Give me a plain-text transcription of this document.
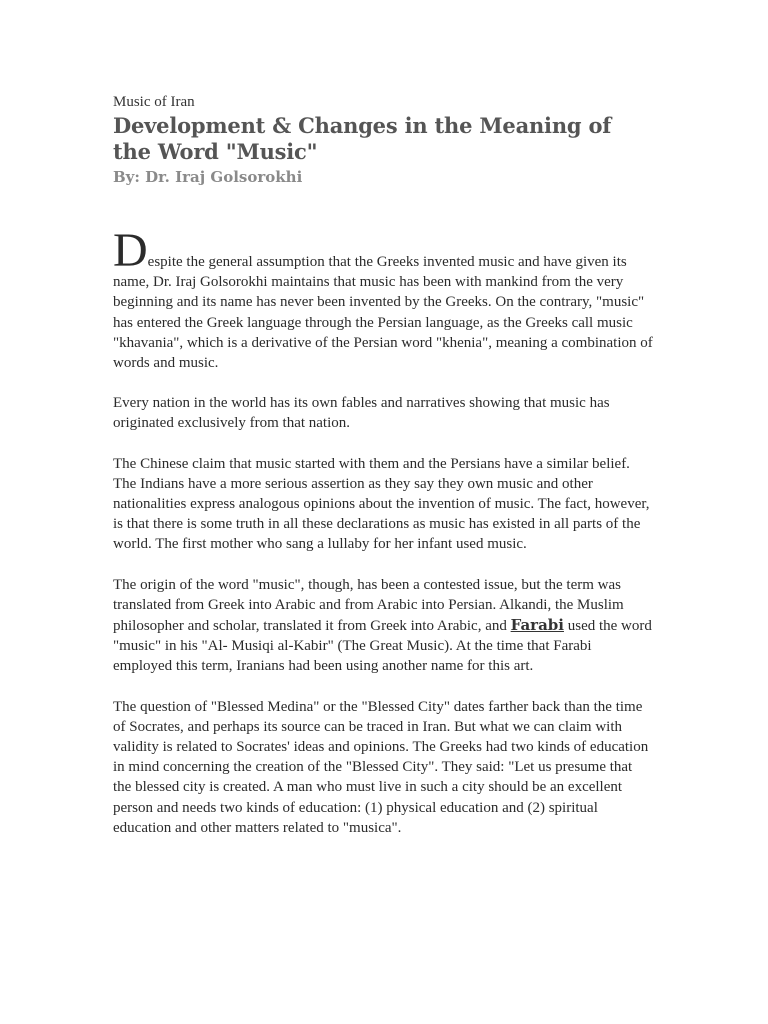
Music of Iran

Development & Changes in the Meaning of the Word "Music"

By: Dr. Iraj Golsorokhi

Despite the general assumption that the Greeks invented music and have given its name, Dr. Iraj Golsorokhi maintains that music has been with mankind from the very beginning and its name has never been invented by the Greeks. On the contrary, "music" has entered the Greek language through the Persian language, as the Greeks call music "khavania", which is a derivative of the Persian word "khenia", meaning a combination of words and music.

Every nation in the world has its own fables and narratives showing that music has originated exclusively from that nation.

The Chinese claim that music started with them and the Persians have a similar belief. The Indians have a more serious assertion as they say they own music and other nationalities express analogous opinions about the invention of music. The fact, however, is that there is some truth in all these declarations as music has existed in all parts of the world. The first mother who sang a lullaby for her infant used music.

The origin of the word "music", though, has been a contested issue, but the term was translated from Greek into Arabic and from Arabic into Persian. Alkandi, the Muslim philosopher and scholar, translated it from Greek into Arabic, and Farabi used the word "music" in his "Al- Musiqi al-Kabir" (The Great Music). At the time that Farabi employed this term, Iranians had been using another name for this art.

The question of "Blessed Medina" or the "Blessed City" dates farther back than the time of Socrates, and perhaps its source can be traced in Iran. But what we can claim with validity is related to Socrates' ideas and opinions. The Greeks had two kinds of education in mind concerning the creation of the "Blessed City". They said: "Let us presume that the blessed city is created. A man who must live in such a city should be an excellent person and needs two kinds of education: (1) physical education and (2) spiritual education and other matters related to "musica".
